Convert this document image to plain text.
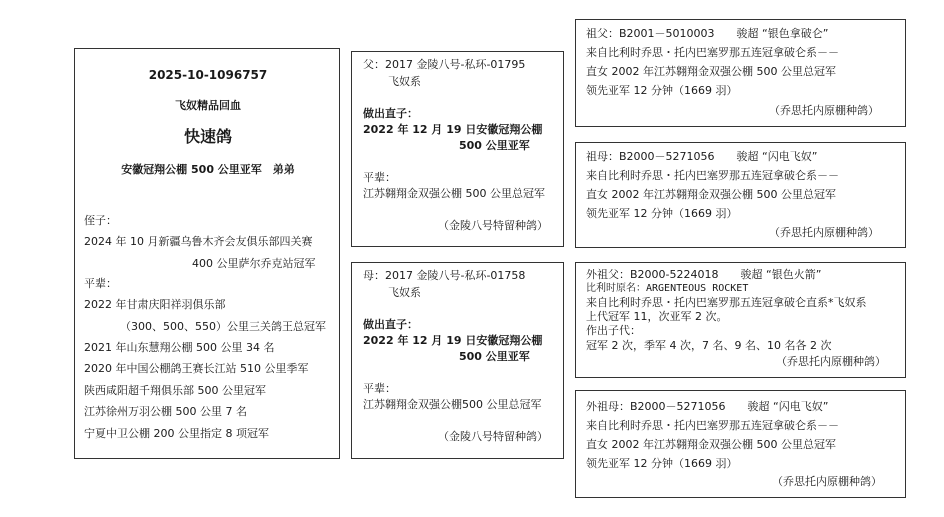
2025-10-1096757
飞奴精品回血
快速鸽
安徽冠翔公棚 500 公里亚军　弟弟
侄子：
2024 年 10 月新疆乌鲁木齐会友俱乐部四关赛
400 公里萨尔乔克站冠军
平辈：
2022 年甘肃庆阳祥羽俱乐部
（300、500、550）公里三关鸽王总冠军
2021 年山东慧翔公棚 500 公里 34 名
2020 年中国公棚鸽王赛长江站 510 公里季军
陕西咸阳超千翔俱乐部 500 公里冠军
江苏徐州万羽公棚 500 公里 7 名
宁夏中卫公棚 200 公里指定 8 项冠军
父：2017 金陵八号-私环-01795
飞奴系
做出直子：
2022 年 12 月 19 日安徽冠翔公棚
500 公里亚军
平辈：
江苏翱翔金双强公棚 500 公里总冠军
（金陵八号特留种鸽）
母：2017 金陵八号-私环-01758
飞奴系
做出直子：
2022 年 12 月 19 日安徽冠翔公棚
500 公里亚军
平辈：
江苏翱翔金双强公棚500 公里总冠军
（金陵八号特留种鸽）
祖父：B2001－5010003　　骏超 “银色拿破仑”
来自比利时乔思・托内巴塞罗那五连冠拿破仑系－－
直女 2002 年江苏翱翔金双强公棚 500 公里总冠军
领先亚军 12 分钟（1669 羽）
（乔思托内原棚种鸽）
祖母：B2000－5271056　　骏超 “闪电飞奴”
来自比利时乔思・托内巴塞罗那五连冠拿破仑系－－
直女 2002 年江苏翱翔金双强公棚 500 公里总冠军
领先亚军 12 分钟（1669 羽）
（乔思托内原棚种鸽）
外祖父：B2000-5224018　　骏超 “银色火箭”
比利时原名：ARGENTEOUS ROCKET
来自比利时乔思・托内巴塞罗那五连冠拿破仑直系*飞奴系
上代冠军 11，次亚军 2 次。
作出子代：
冠军 2 次，季军 4 次，7 名、9 名、10 名各 2 次
（乔思托内原棚种鸽）
外祖母：B2000－5271056　　骏超 “闪电飞奴”
来自比利时乔思・托内巴塞罗那五连冠拿破仑系－－
直女 2002 年江苏翱翔金双强公棚 500 公里总冠军
领先亚军 12 分钟（1669 羽）
（乔思托内原棚种鸽）
